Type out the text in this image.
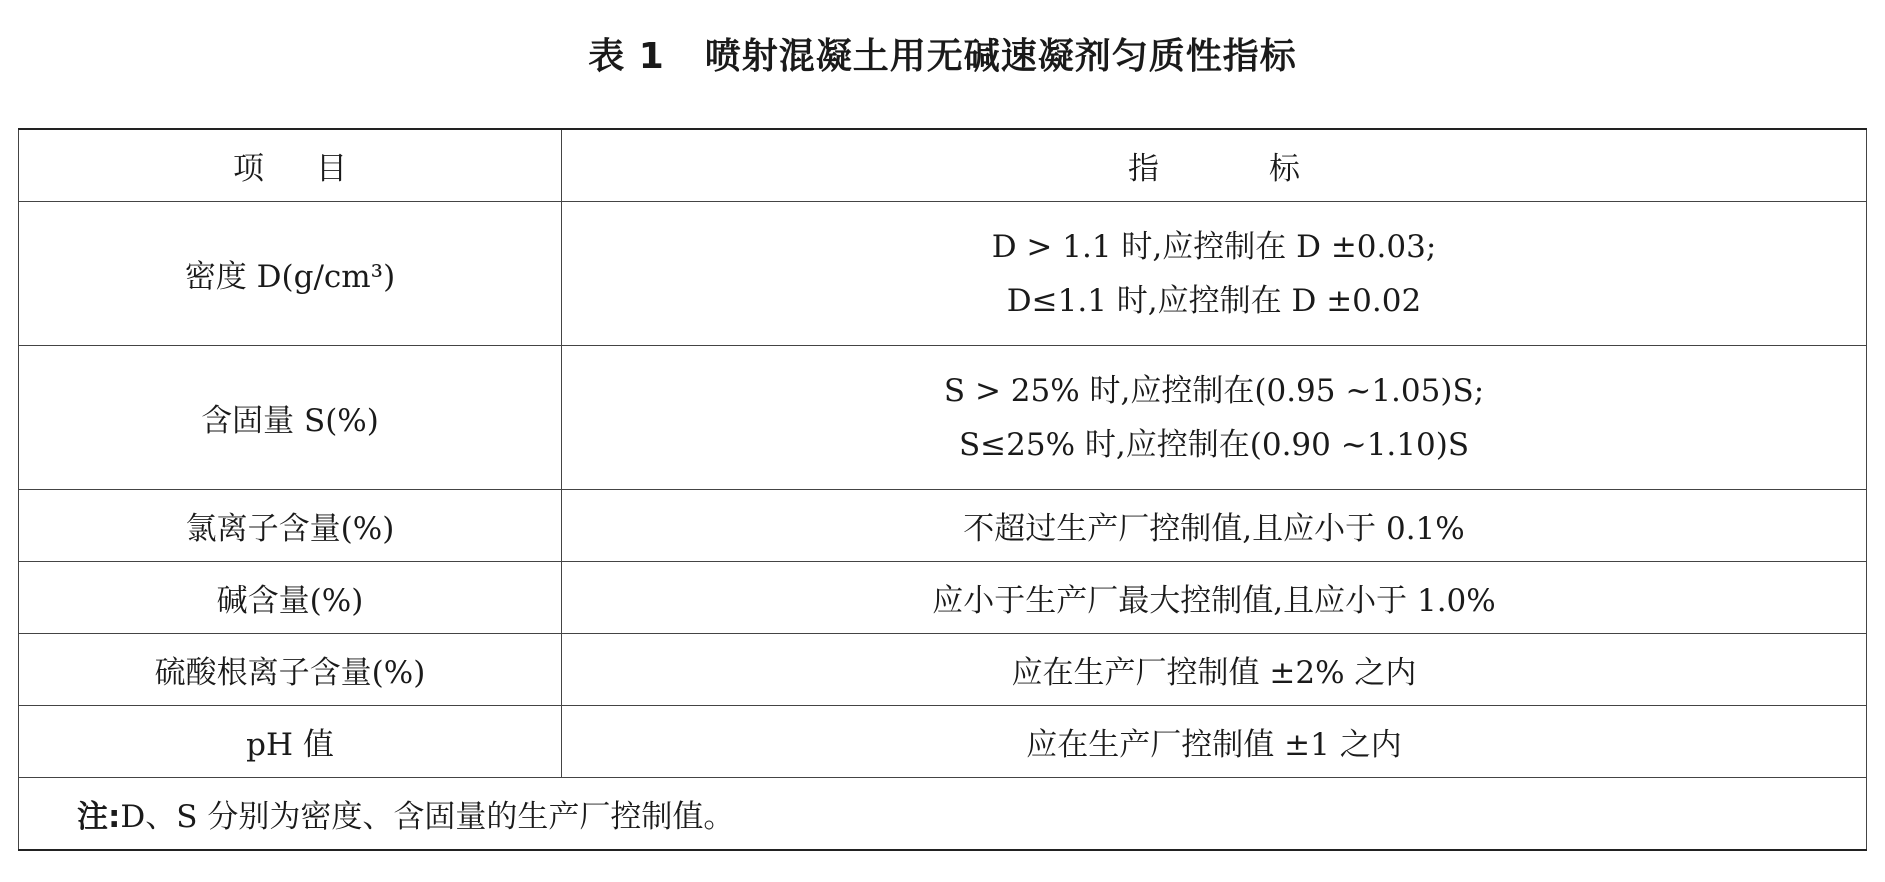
表 1 喷射混凝土用无碱速凝剂匀质性指标
项目	指标
密度 D(g/cm³)	D > 1.1 时,应控制在 D ±0.03;
D≤1.1 时,应控制在 D ±0.02

含固量 S(%)	S > 25% 时,应控制在(0.95 ~1.05)S;
S≤25% 时,应控制在(0.90 ~1.10)S

氯离子含量(%)	不超过生产厂控制值,且应小于 0.1%
碱含量(%)	应小于生产厂最大控制值,且应小于 1.0%
硫酸根离子含量(%)	应在生产厂控制值 ±2% 之内
pH 值	应在生产厂控制值 ±1 之内
注:D、S 分别为密度、含固量的生产厂控制值。	
